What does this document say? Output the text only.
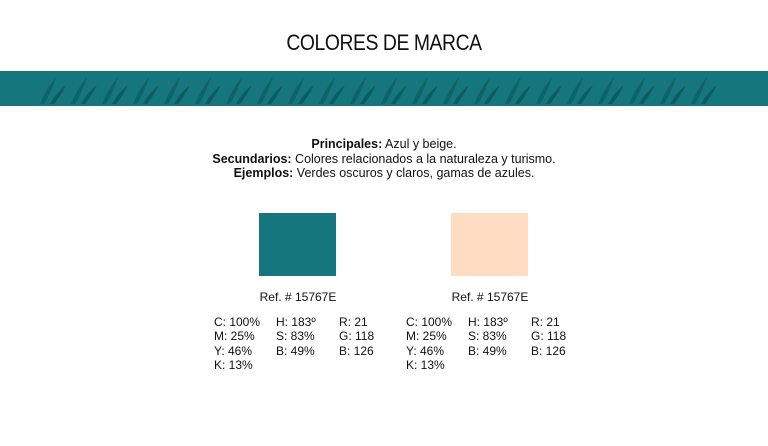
COLORES DE MARCA
Principales: Azul y beige.
Secundarios: Colores relacionados a la naturaleza y turismo.
Ejemplos: Verdes oscuros y claros, gamas de azules.
Ref. # 15767E	Ref. # 15767E
C: 100%
M: 25%
Y: 46%
K: 13%
H: 183º
S: 83%
B: 49%
R: 21
G: 118
B: 126
C: 100%
M: 25%
Y: 46%
K: 13%
H: 183º
S: 83%
B: 49%
R: 21
G: 118
B: 126
